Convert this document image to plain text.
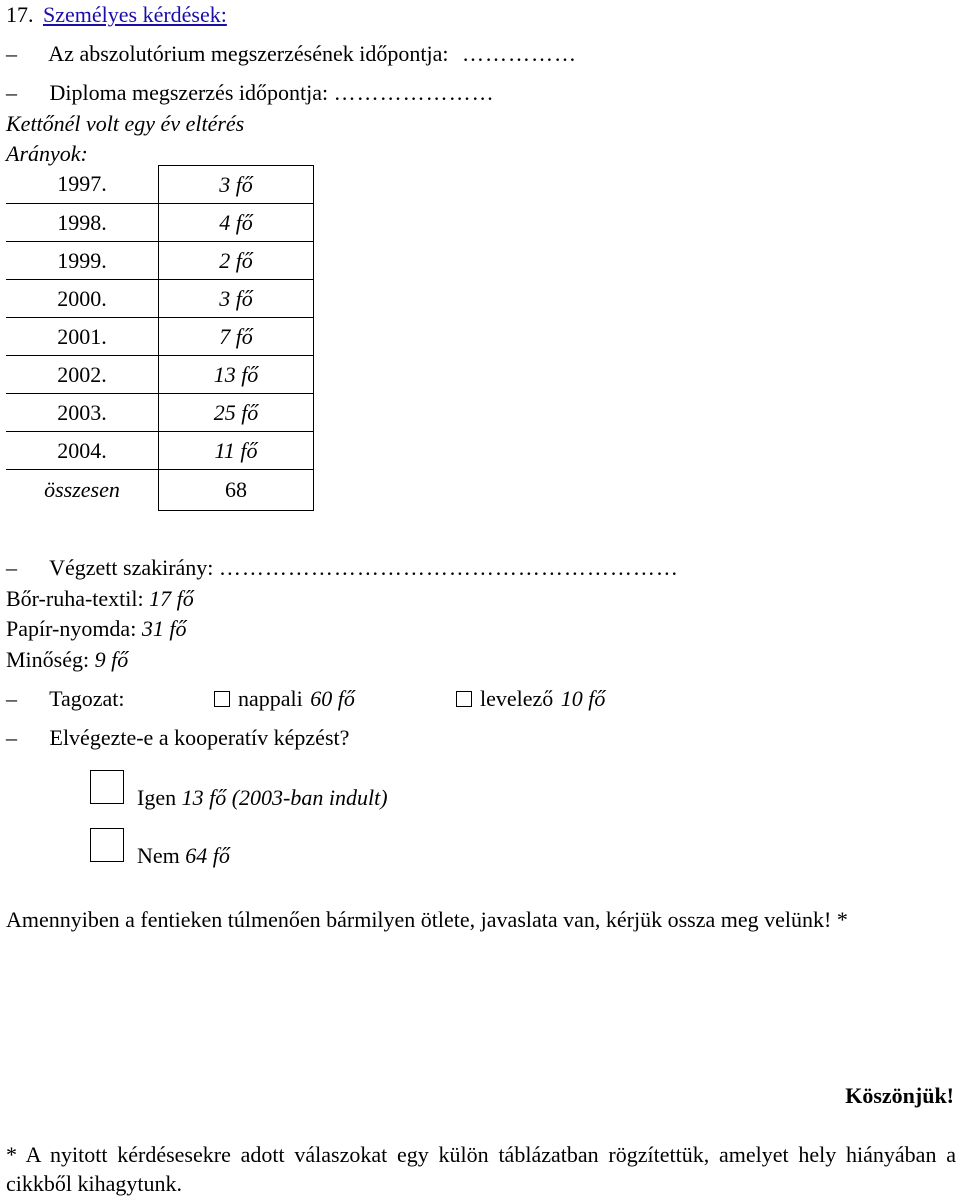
17. Személyes kérdések:
– Az abszolutórium megszerzésének időpontja: ……………
– Diploma megszerzés időpontja: …………………
Kettőnél volt egy év eltérés
Arányok:
1997.	3 fő
1998.	4 fő
1999.	2 fő
2000.	3 fő
2001.	7 fő
2002.	13 fő
2003.	25 fő
2004.	11 fő
összesen	68
– Végzett szakirány: ……………………………………………………
Bőr-ruha-textil: 17 fő
Papír-nyomda: 31 fő
Minőség: 9 fő
– Tagozat:	nappali 60 fő	levelező 10 fő
– Elvégezte-e a kooperatív képzést?
Igen 13 fő (2003-ban indult)
Nem 64 fő
Amennyiben a fentieken túlmenően bármilyen ötlete, javaslata van, kérjük ossza meg velünk! *
Köszönjük!
* A nyitott kérdésesekre adott válaszokat egy külön táblázatban rögzítettük, amelyet hely hiányában a cikkből kihagytunk.
